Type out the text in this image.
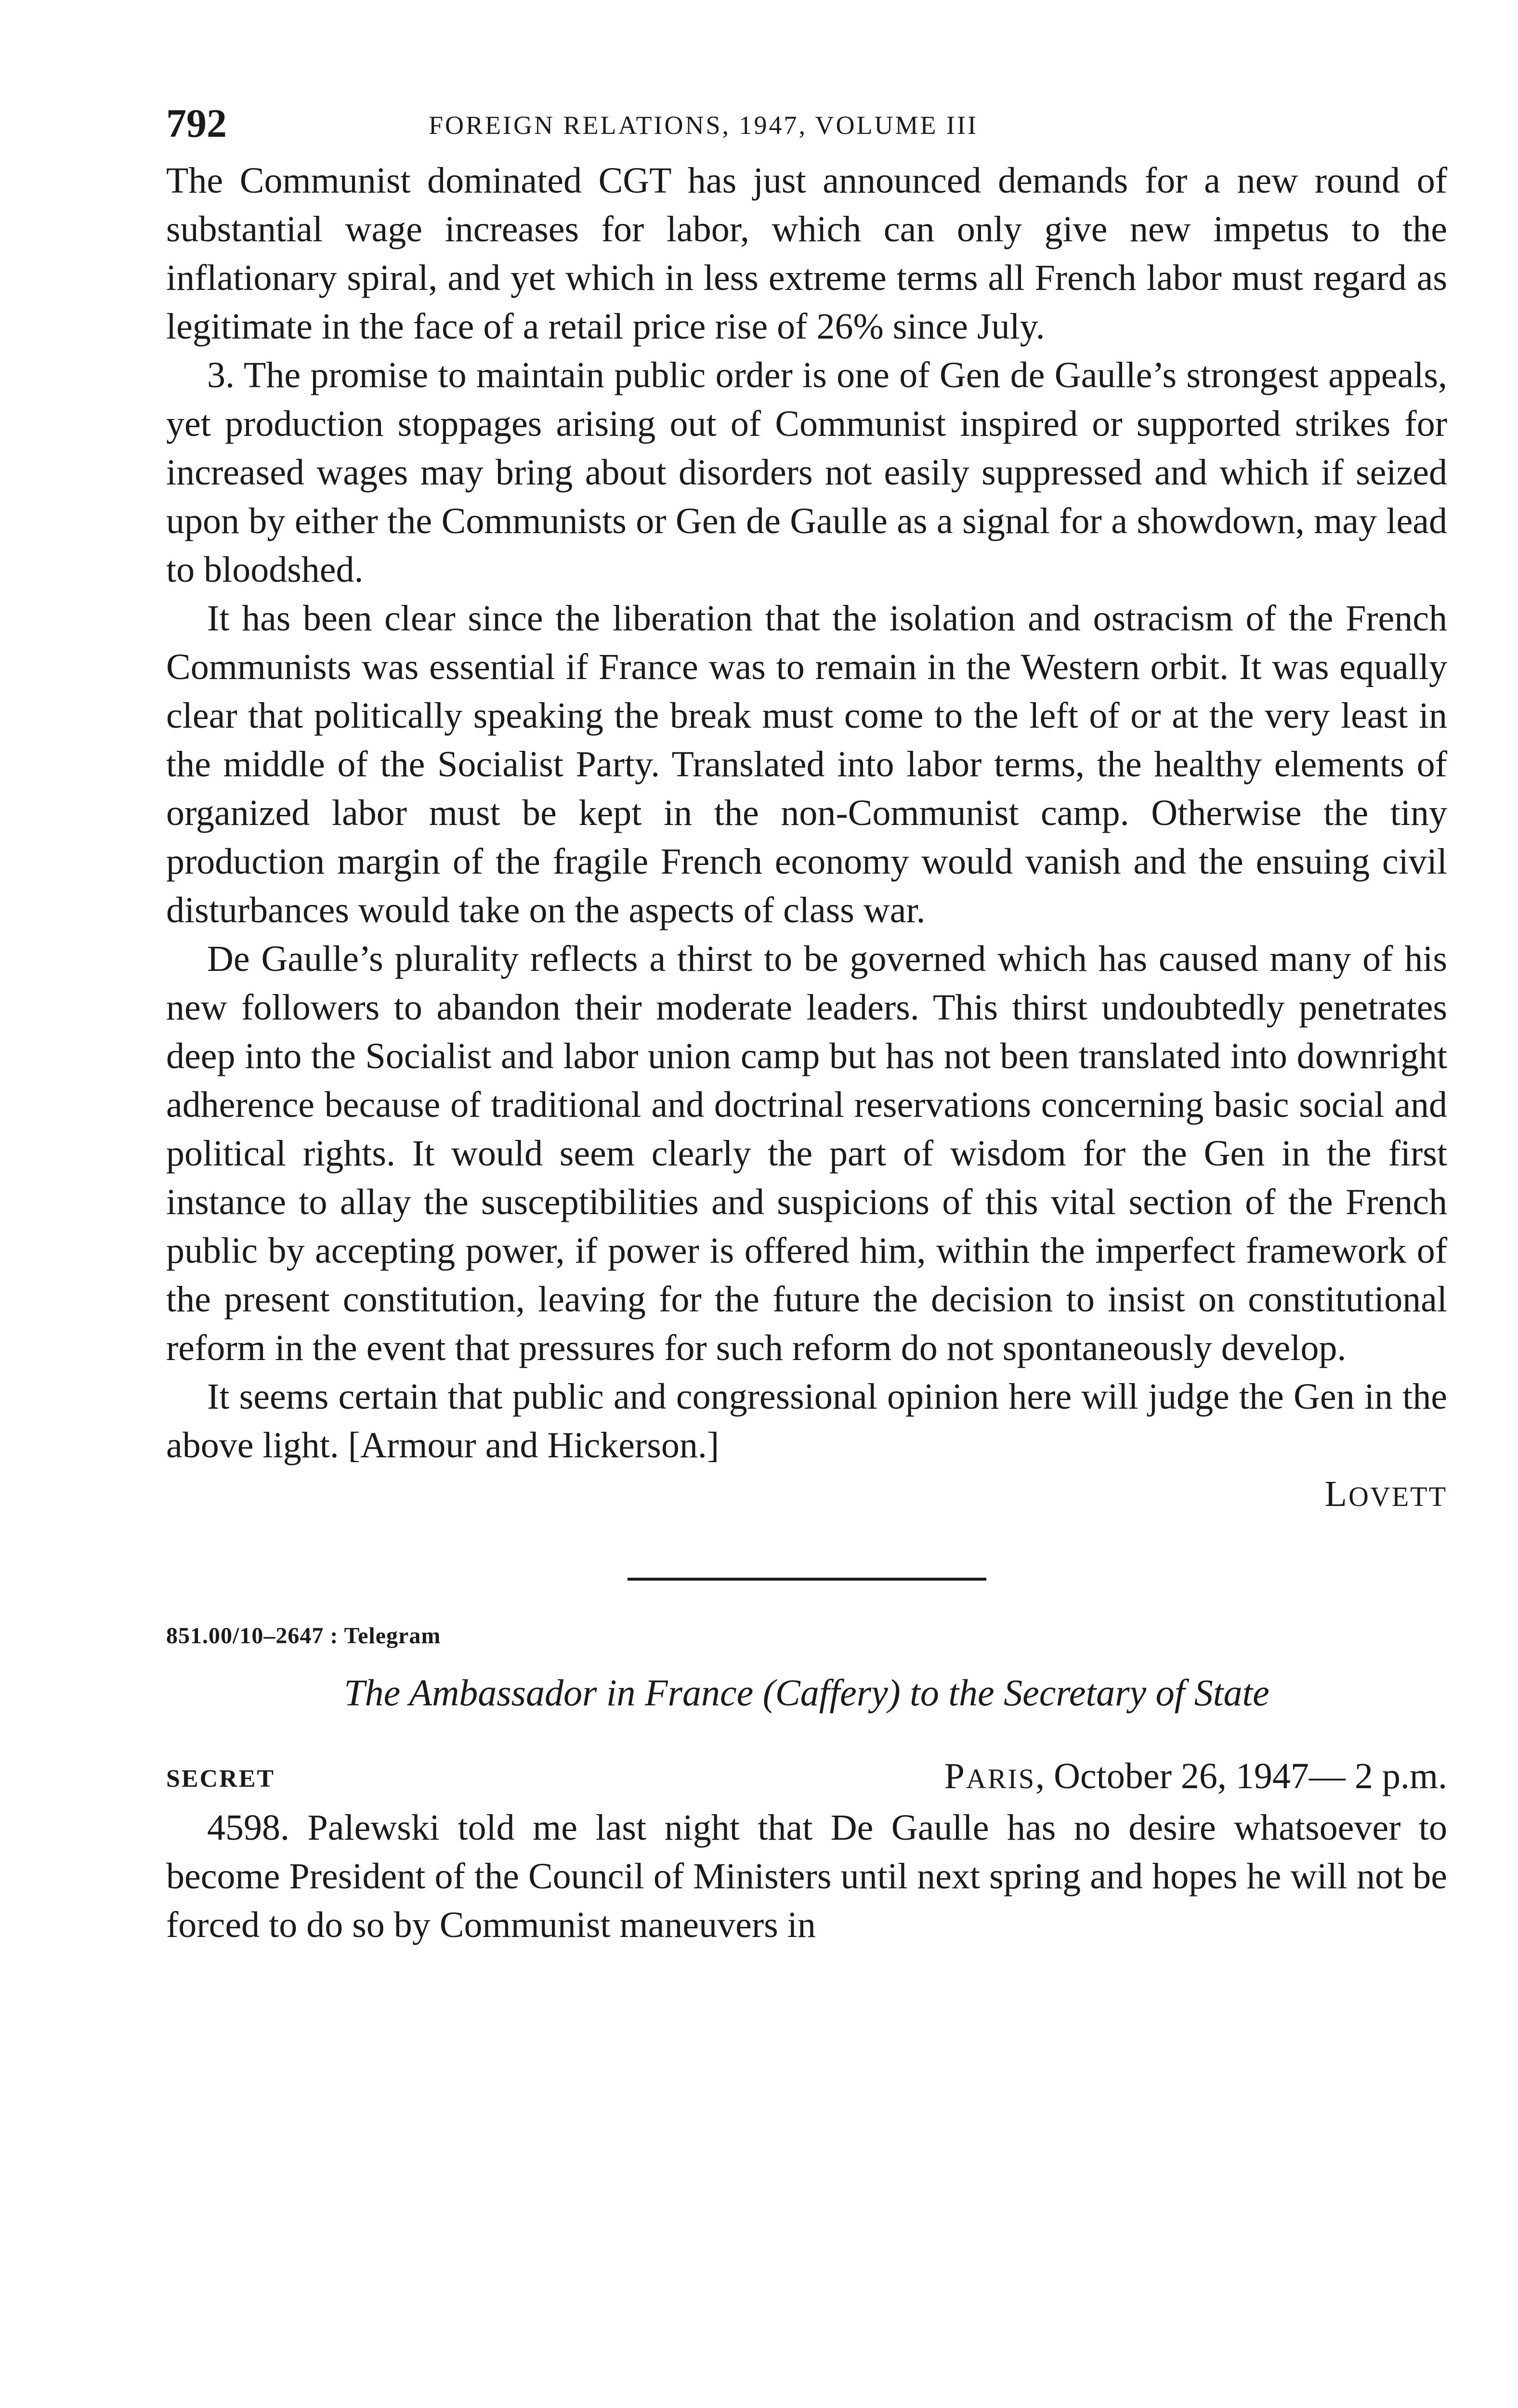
792	FOREIGN RELATIONS, 1947, VOLUME III

The Communist dominated CGT has just announced demands for a new round of substantial wage increases for labor, which can only give new impetus to the inflationary spiral, and yet which in less extreme terms all French labor must regard as legitimate in the face of a retail price rise of 26% since July.

3. The promise to maintain public order is one of Gen de Gaulle’s strongest appeals, yet production stoppages arising out of Communist inspired or supported strikes for increased wages may bring about disorders not easily suppressed and which if seized upon by either the Communists or Gen de Gaulle as a signal for a showdown, may lead to bloodshed.

It has been clear since the liberation that the isolation and ostracism of the French Communists was essential if France was to remain in the Western orbit. It was equally clear that politically speaking the break must come to the left of or at the very least in the middle of the Socialist Party. Translated into labor terms, the healthy elements of organized labor must be kept in the non-Communist camp. Otherwise the tiny production margin of the fragile French economy would vanish and the ensuing civil disturbances would take on the aspects of class war.

De Gaulle’s plurality reflects a thirst to be governed which has caused many of his new followers to abandon their moderate leaders. This thirst undoubtedly penetrates deep into the Socialist and labor union camp but has not been translated into downright adherence because of traditional and doctrinal reservations concerning basic social and political rights. It would seem clearly the part of wisdom for the Gen in the first instance to allay the susceptibilities and suspicions of this vital section of the French public by accepting power, if power is offered him, within the imperfect framework of the present constitution, leaving for the future the decision to insist on constitutional reform in the event that pressures for such reform do not spontaneously develop.

It seems certain that public and congressional opinion here will judge the Gen in the above light. [Armour and Hickerson.]

LOVETT
851.00/10–2647 : Telegram
The Ambassador in France (Caffery) to the Secretary of State
SECRET	PARIS, October 26, 1947— 2 p.m.

4598. Palewski told me last night that De Gaulle has no desire whatsoever to become President of the Council of Ministers until next spring and hopes he will not be forced to do so by Communist maneuvers in
